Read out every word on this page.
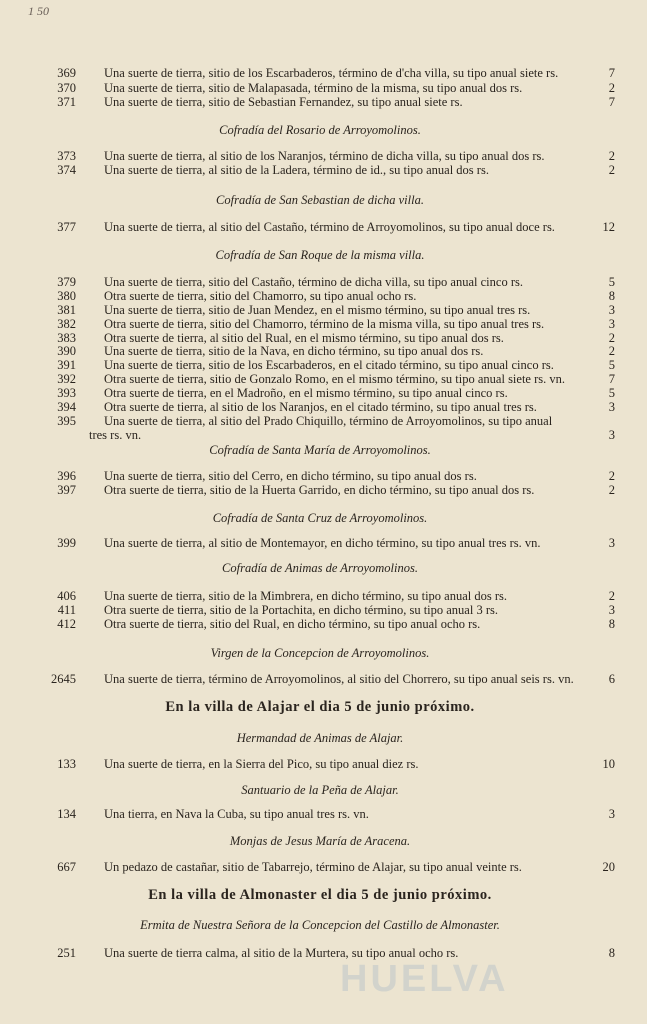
1 50
369 Una suerte de tierra, sitio de los Escarbaderos, término de d'cha villa, su tipo anual siete rs.	7
370 Una suerte de tierra, sitio de Malapasada, término de la misma, su tipo anual dos rs.	2
371 Una suerte de tierra, sitio de Sebastian Fernandez, su tipo anual siete rs.	7
Cofradía del Rosario de Arroyomolinos.
373 Una suerte de tierra, al sitio de los Naranjos, término de dicha villa, su tipo anual dos rs.	2
374 Una suerte de tierra, al sitio de la Ladera, término de id., su tipo anual dos rs.	2
Cofradía de San Sebastian de dicha villa.
377 Una suerte de tierra, al sitio del Castaño, término de Arroyomolinos, su tipo anual doce rs.	12
Cofradía de San Roque de la misma villa.
379 Una suerte de tierra, sitio del Castaño, término de dicha villa, su tipo anual cinco rs.	5
380 Otra suerte de tierra, sitio del Chamorro, su tipo anual ocho rs.	8
381 Una suerte de tierra, sitio de Juan Mendez, en el mismo término, su tipo anual tres rs.	3
382 Otra suerte de tierra, sitio del Chamorro, término de la misma villa, su tipo anual tres rs.	3
383 Otra suerte de tierra, al sitio del Rual, en el mismo término, su tipo anual dos rs.	2
390 Una suerte de tierra, sitio de la Nava, en dicho término, su tipo anual dos rs.	2
391 Una suerte de tierra, sitio de los Escarbaderos, en el citado término, su tipo anual cinco rs.	5
392 Otra suerte de tierra, sitio de Gonzalo Romo, en el mismo término, su tipo anual siete rs. vn.	7
393 Otra suerte de tierra, en el Madroño, en el mismo término, su tipo anual cinco rs.	5
394 Otra suerte de tierra, al sitio de los Naranjos, en el citado término, su tipo anual tres rs.	3
395 Una suerte de tierra, al sitio del Prado Chiquillo, término de Arroyomolinos, su tipo anual
tres rs. vn.	3
Cofradía de Santa María de Arroyomolinos.
396 Una suerte de tierra, sitio del Cerro, en dicho término, su tipo anual dos rs.	2
397 Otra suerte de tierra, sitio de la Huerta Garrido, en dicho término, su tipo anual dos rs.	2
Cofradía de Santa Cruz de Arroyomolinos.
399 Una suerte de tierra, al sitio de Montemayor, en dicho término, su tipo anual tres rs. vn.	3
Cofradía de Animas de Arroyomolinos.
406 Una suerte de tierra, sitio de la Mimbrera, en dicho término, su tipo anual dos rs.	2
411 Otra suerte de tierra, sitio de la Portachita, en dicho término, su tipo anual 3 rs.	3
412 Otra suerte de tierra, sitio del Rual, en dicho término, su tipo anual ocho rs.	8
Virgen de la Concepcion de Arroyomolinos.
2645 Una suerte de tierra, término de Arroyomolinos, al sitio del Chorrero, su tipo anual seis rs. vn.	6
En la villa de Alajar el dia 5 de junio próximo.
Hermandad de Animas de Alajar.
133 Una suerte de tierra, en la Sierra del Pico, su tipo anual diez rs.	10
Santuario de la Peña de Alajar.
134 Una tierra, en Nava la Cuba, su tipo anual tres rs. vn.	3
Monjas de Jesus María de Aracena.
667 Un pedazo de castañar, sitio de Tabarrejo, término de Alajar, su tipo anual veinte rs.	20
En la villa de Almonaster el dia 5 de junio próximo.
Ermita de Nuestra Señora de la Concepcion del Castillo de Almonaster.
251 Una suerte de tierra calma, al sitio de la Murtera, su tipo anual ocho rs.	8
HUELVA
